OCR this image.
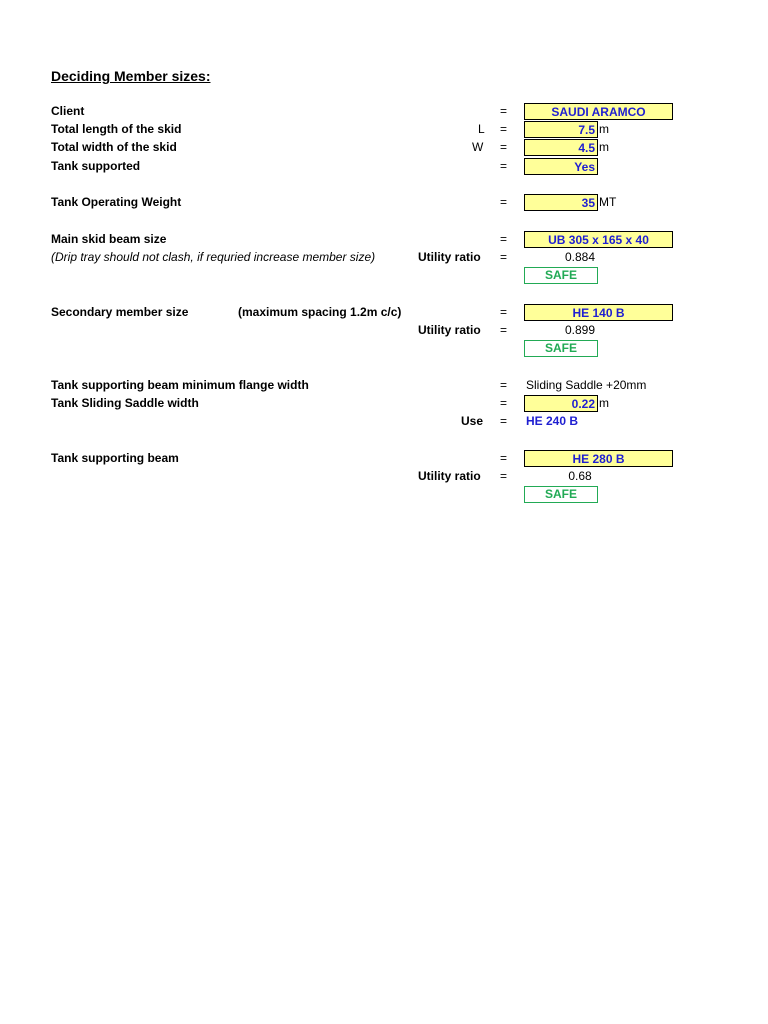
Deciding Member sizes:
Client	=	SAUDI ARAMCO
Total length of the skid	L =	7.5 m
Total width of the skid	W =	4.5 m
Tank supported	=	Yes
Tank Operating Weight	=	35 MT
Main skid beam size	=	UB 305 x 165 x 40
(Drip tray should not clash, if requried increase member size)	Utility ratio =	0.884
SAFE
Secondary member size	(maximum spacing 1.2m c/c)	=	HE 140 B
Utility ratio =	0.899
SAFE
Tank supporting beam minimum flange width	= Sliding Saddle +20mm
Tank Sliding Saddle width	=	0.22 m
Use = HE 240 B
Tank supporting beam	=	HE 280 B
Utility ratio =	0.68
SAFE
